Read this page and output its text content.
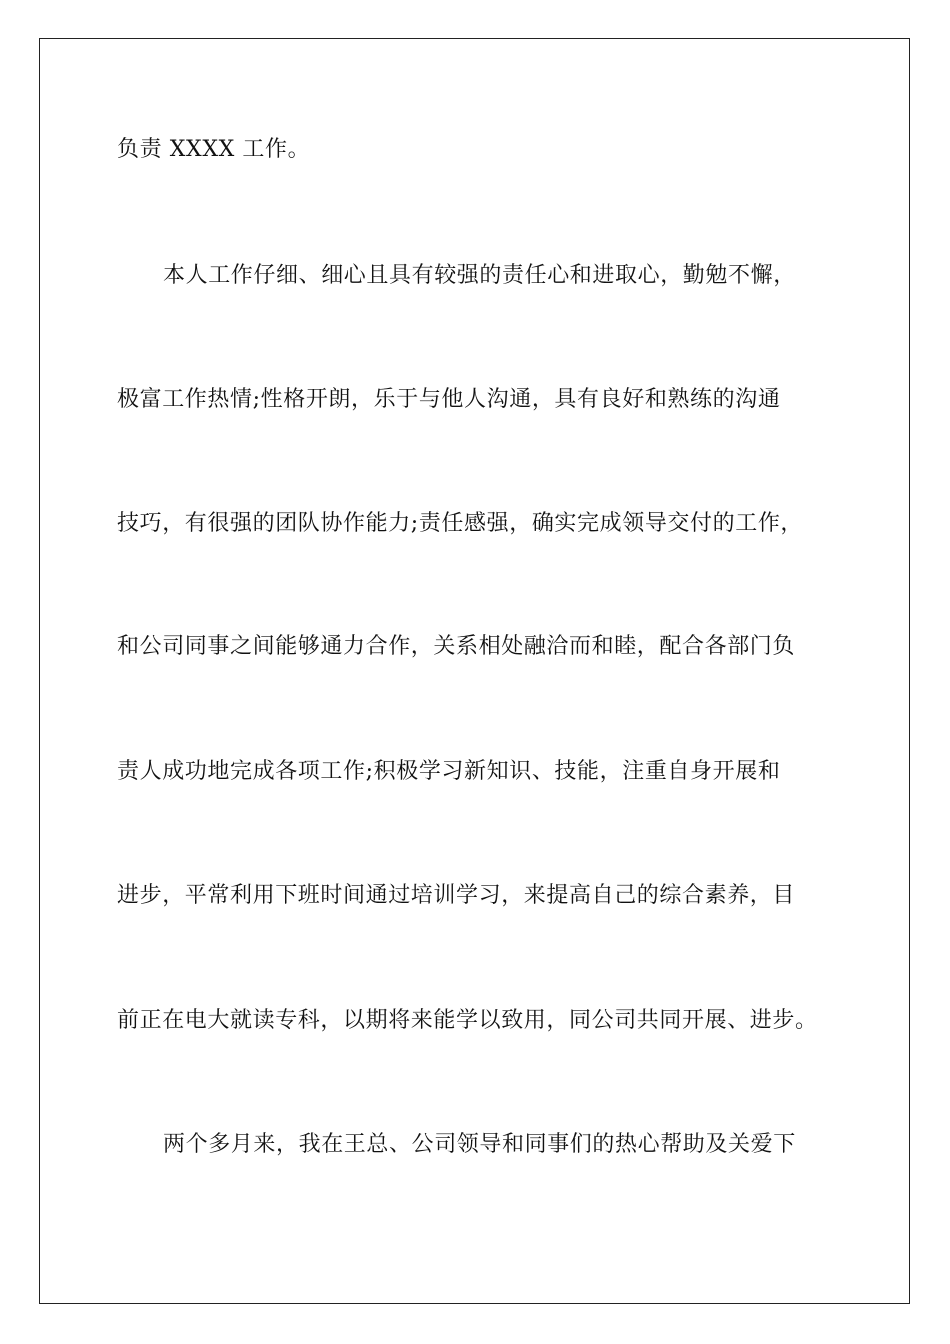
负责 XXXX 工作。

本人工作仔细、细心且具有较强的责任心和进取心，勤勉不懈，

极富工作热情;性格开朗，乐于与他人沟通，具有良好和熟练的沟通

技巧，有很强的团队协作能力;责任感强，确实完成领导交付的工作，

和公司同事之间能够通力合作，关系相处融洽而和睦，配合各部门负

责人成功地完成各项工作;积极学习新知识、技能，注重自身开展和

进步，平常利用下班时间通过培训学习，来提高自己的综合素养，目

前正在电大就读专科，以期将来能学以致用，同公司共同开展、进步。

两个多月来，我在王总、公司领导和同事们的热心帮助及关爱下
